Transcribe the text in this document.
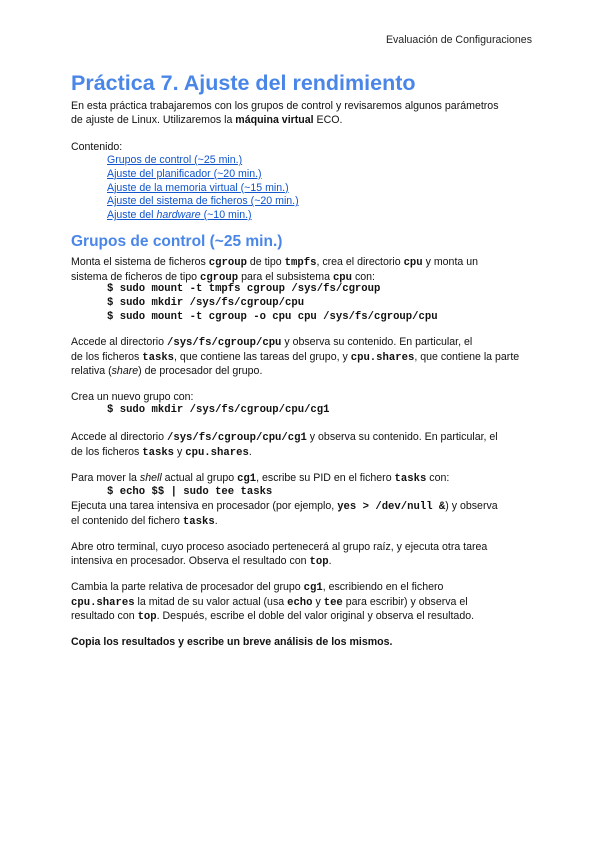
Evaluación de Configuraciones
Práctica 7. Ajuste del rendimiento
En esta práctica trabajaremos con los grupos de control y revisaremos algunos parámetros
de ajuste de Linux. Utilizaremos la máquina virtual ECO.
Contenido:
Grupos de control (~25 min.)
Ajuste del planificador (~20 min.)
Ajuste de la memoria virtual (~15 min.)
Ajuste del sistema de ficheros (~20 min.)
Ajuste del hardware (~10 min.)
Grupos de control (~25 min.)
Monta el sistema de ficheros cgroup de tipo tmpfs, crea el directorio cpu y monta un
sistema de ficheros de tipo cgroup para el subsistema cpu con:
$ sudo mount -t tmpfs cgroup /sys/fs/cgroup
$ sudo mkdir /sys/fs/cgroup/cpu
$ sudo mount -t cgroup -o cpu cpu /sys/fs/cgroup/cpu
Accede al directorio /sys/fs/cgroup/cpu y observa su contenido. En particular, el
de los ficheros tasks, que contiene las tareas del grupo, y cpu.shares, que contiene la parte
relativa (share) de procesador del grupo.
Crea un nuevo grupo con:
$ sudo mkdir /sys/fs/cgroup/cpu/cg1
Accede al directorio /sys/fs/cgroup/cpu/cg1 y observa su contenido. En particular, el
de los ficheros tasks y cpu.shares.
Para mover la shell actual al grupo cg1, escribe su PID en el fichero tasks con:
$ echo $$ | sudo tee tasks
Ejecuta una tarea intensiva en procesador (por ejemplo, yes > /dev/null &) y observa
el contenido del fichero tasks.
Abre otro terminal, cuyo proceso asociado pertenecerá al grupo raíz, y ejecuta otra tarea
intensiva en procesador. Observa el resultado con top.
Cambia la parte relativa de procesador del grupo cg1, escribiendo en el fichero
cpu.shares la mitad de su valor actual (usa echo y tee para escribir) y observa el
resultado con top. Después, escribe el doble del valor original y observa el resultado.
Copia los resultados y escribe un breve análisis de los mismos.
